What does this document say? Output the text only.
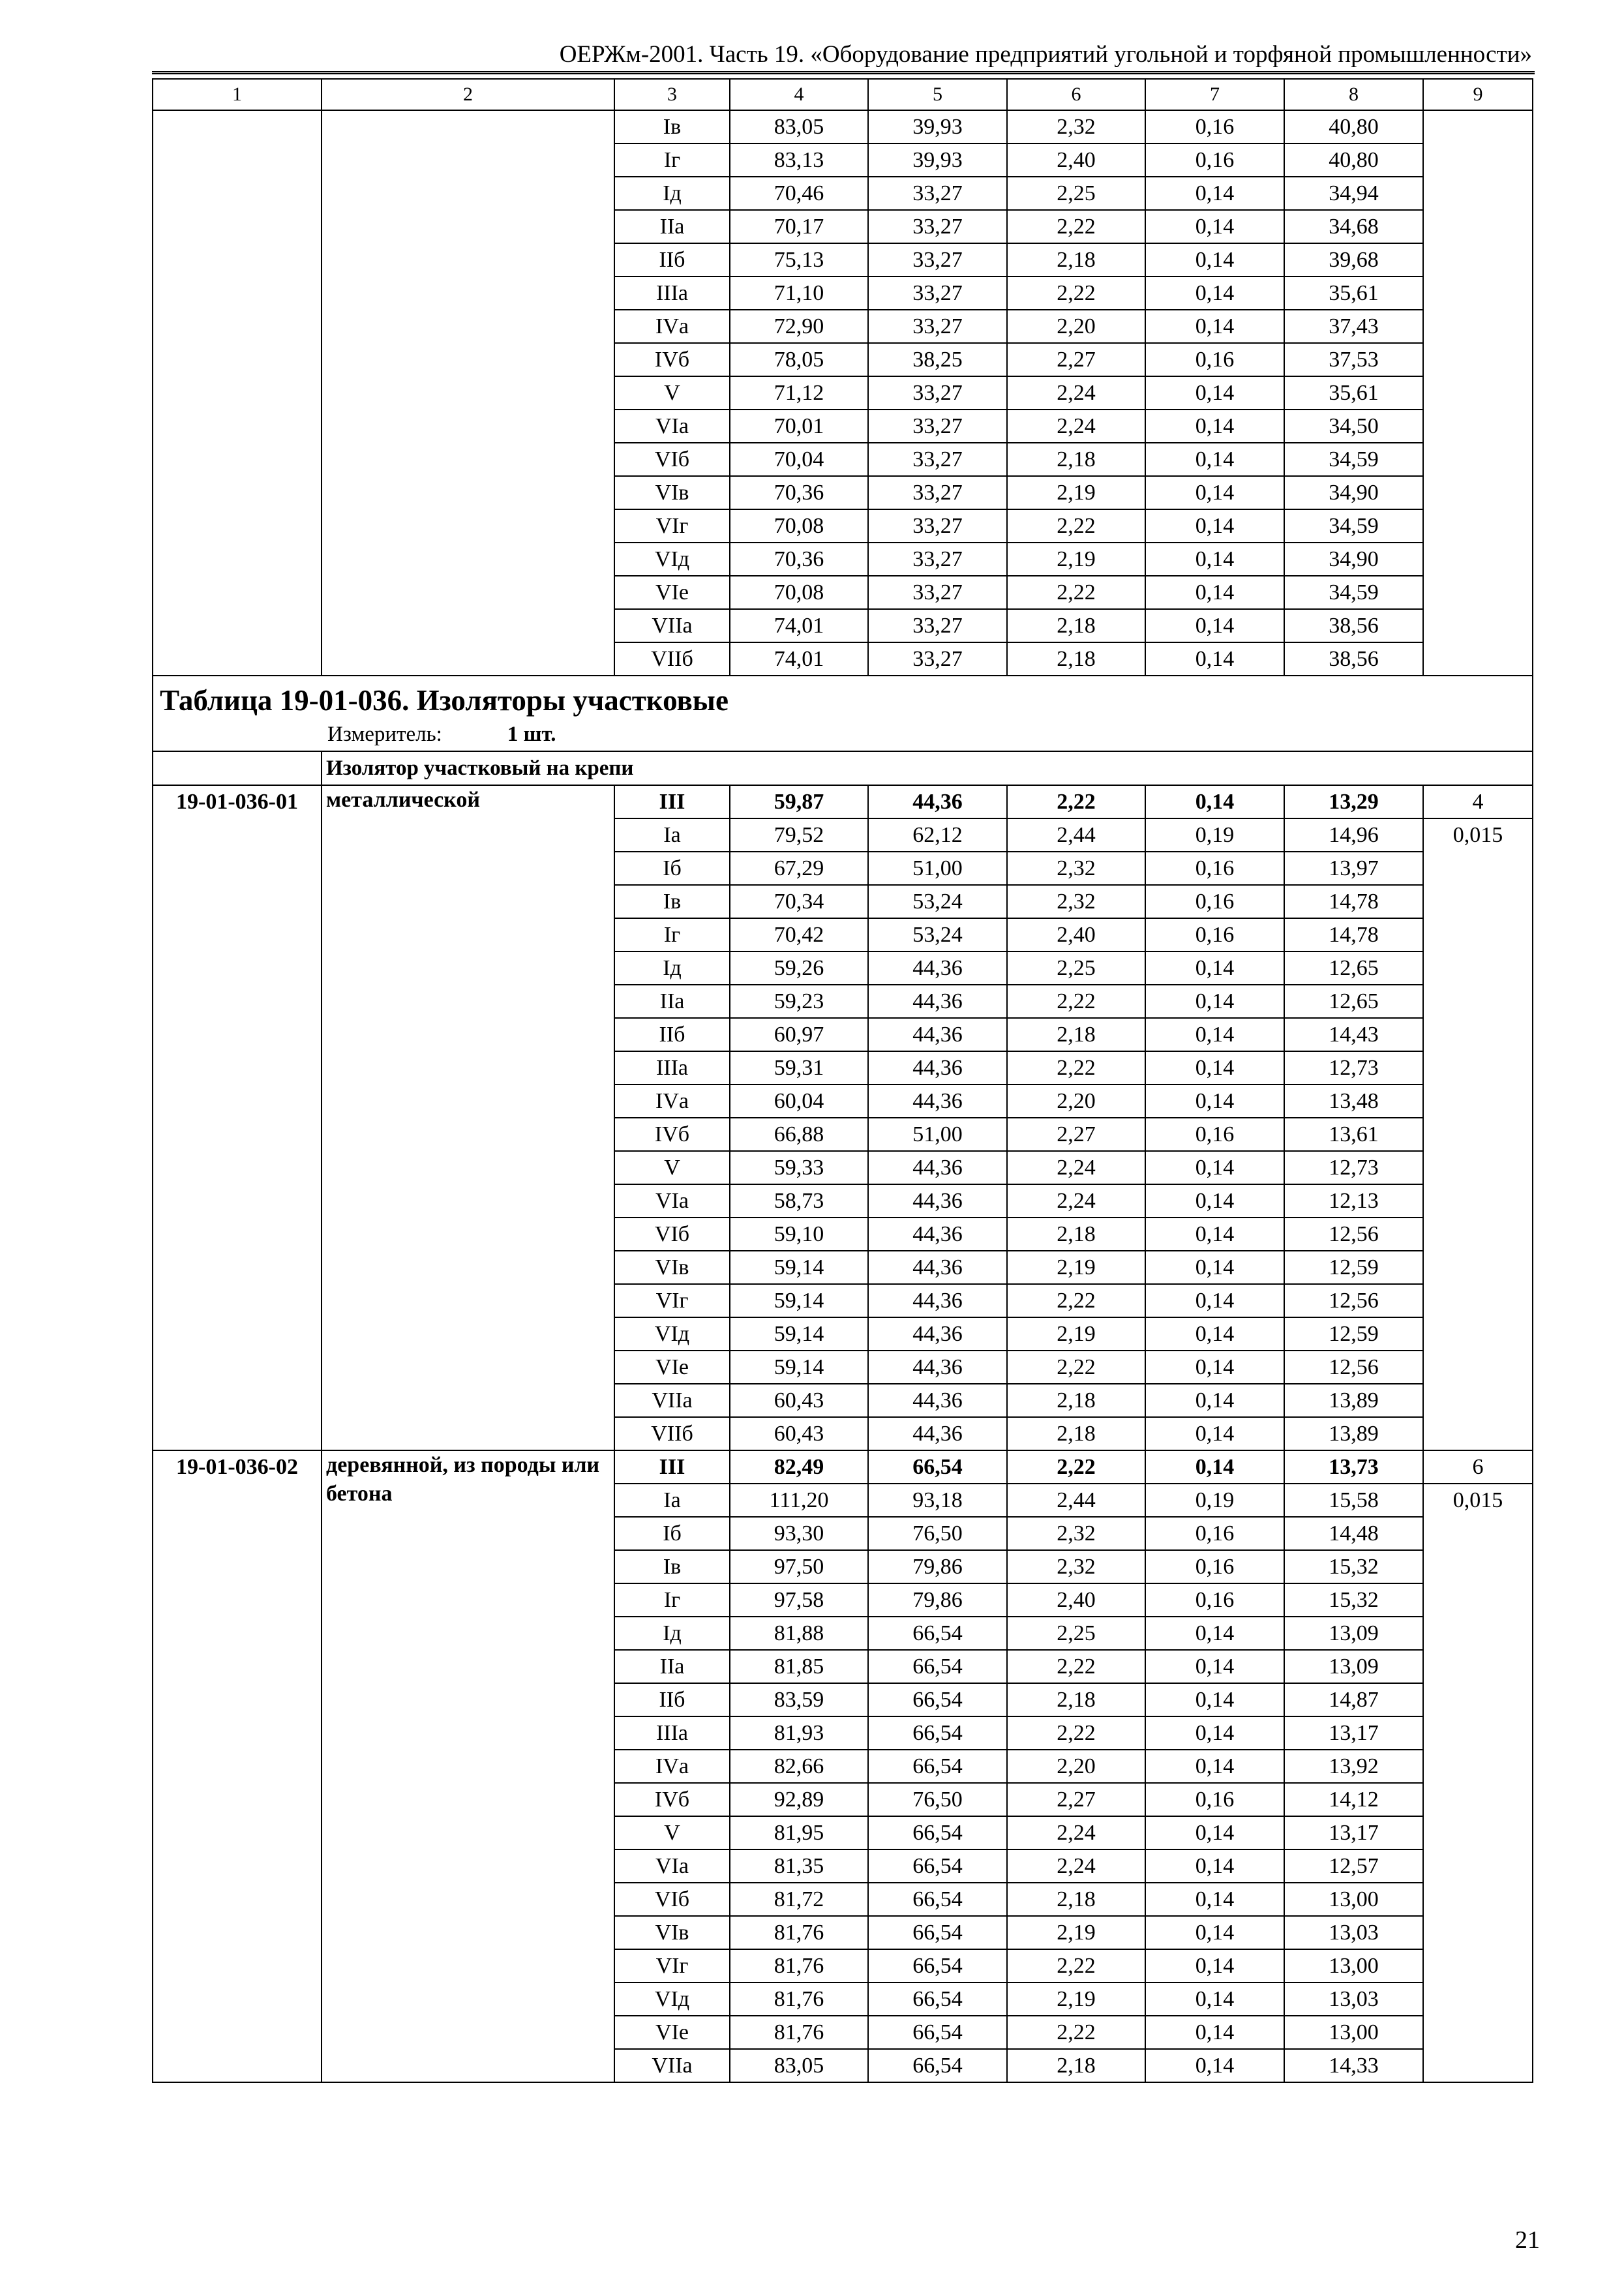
ОЕРЖм-2001. Часть 19. «Оборудование предприятий угольной и торфяной промышленности»
1	2	3	4	5	6	7	8	9
		Iв	83,05	39,93	2,32	0,16	40,80	
		Iг	83,13	39,93	2,40	0,16	40,80	
		Iд	70,46	33,27	2,25	0,14	34,94	
		IIа	70,17	33,27	2,22	0,14	34,68	
		IIб	75,13	33,27	2,18	0,14	39,68	
		IIIа	71,10	33,27	2,22	0,14	35,61	
		IVа	72,90	33,27	2,20	0,14	37,43	
		IVб	78,05	38,25	2,27	0,16	37,53	
		V	71,12	33,27	2,24	0,14	35,61	
		VIа	70,01	33,27	2,24	0,14	34,50	
		VIб	70,04	33,27	2,18	0,14	34,59	
		VIв	70,36	33,27	2,19	0,14	34,90	
		VIг	70,08	33,27	2,22	0,14	34,59	
		VIд	70,36	33,27	2,19	0,14	34,90	
		VIе	70,08	33,27	2,22	0,14	34,59	
		VIIа	74,01	33,27	2,18	0,14	38,56	
		VIIб	74,01	33,27	2,18	0,14	38,56	

Таблица 19-01-036. Изоляторы участковые
Измеритель: 1 шт.								

	Изолятор участковый на крепи							
19-01-036-01	металлической	III	59,87	44,36	2,22	0,14	13,29	4
		Iа	79,52	62,12	2,44	0,19	14,96	0,015
		Iб	67,29	51,00	2,32	0,16	13,97	
		Iв	70,34	53,24	2,32	0,16	14,78	
		Iг	70,42	53,24	2,40	0,16	14,78	
		Iд	59,26	44,36	2,25	0,14	12,65	
		IIа	59,23	44,36	2,22	0,14	12,65	
		IIб	60,97	44,36	2,18	0,14	14,43	
		IIIа	59,31	44,36	2,22	0,14	12,73	
		IVа	60,04	44,36	2,20	0,14	13,48	
		IVб	66,88	51,00	2,27	0,16	13,61	
		V	59,33	44,36	2,24	0,14	12,73	
		VIа	58,73	44,36	2,24	0,14	12,13	
		VIб	59,10	44,36	2,18	0,14	12,56	
		VIв	59,14	44,36	2,19	0,14	12,59	
		VIг	59,14	44,36	2,22	0,14	12,56	
		VIд	59,14	44,36	2,19	0,14	12,59	
		VIе	59,14	44,36	2,22	0,14	12,56	
		VIIа	60,43	44,36	2,18	0,14	13,89	
		VIIб	60,43	44,36	2,18	0,14	13,89	
19-01-036-02	деревянной, из породы или бетона	III	82,49	66,54	2,22	0,14	13,73	6
		Iа	111,20	93,18	2,44	0,19	15,58	0,015
		Iб	93,30	76,50	2,32	0,16	14,48	
		Iв	97,50	79,86	2,32	0,16	15,32	
		Iг	97,58	79,86	2,40	0,16	15,32	
		Iд	81,88	66,54	2,25	0,14	13,09	
		IIа	81,85	66,54	2,22	0,14	13,09	
		IIб	83,59	66,54	2,18	0,14	14,87	
		IIIа	81,93	66,54	2,22	0,14	13,17	
		IVа	82,66	66,54	2,20	0,14	13,92	
		IVб	92,89	76,50	2,27	0,16	14,12	
		V	81,95	66,54	2,24	0,14	13,17	
		VIа	81,35	66,54	2,24	0,14	12,57	
		VIб	81,72	66,54	2,18	0,14	13,00	
		VIв	81,76	66,54	2,19	0,14	13,03	
		VIг	81,76	66,54	2,22	0,14	13,00	
		VIд	81,76	66,54	2,19	0,14	13,03	
		VIе	81,76	66,54	2,22	0,14	13,00	
		VIIа	83,05	66,54	2,18	0,14	14,33	
21
